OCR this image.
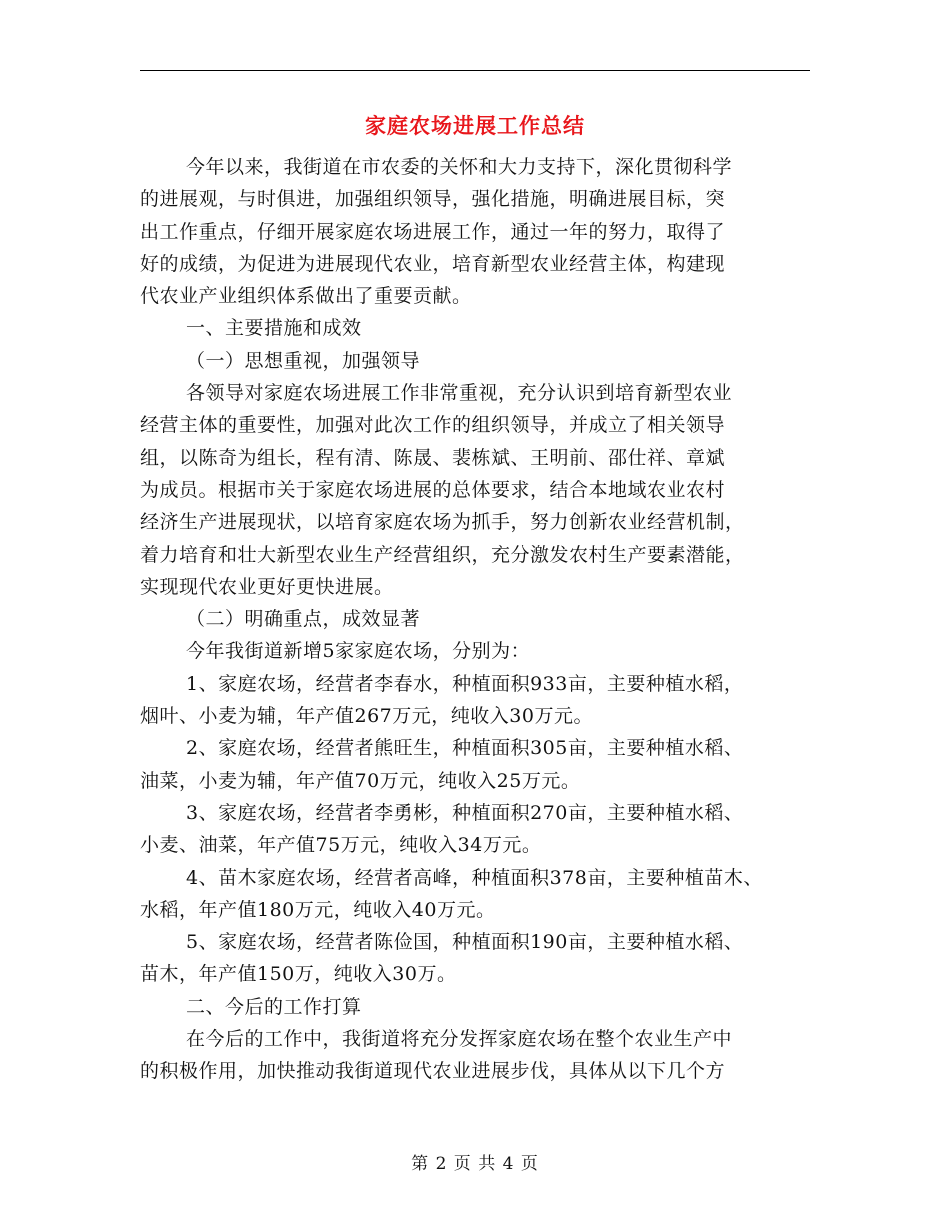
家庭农场进展工作总结
今年以来，我街道在市农委的关怀和大力支持下，深化贯彻科学
的进展观，与时俱进，加强组织领导，强化措施，明确进展目标，突
出工作重点，仔细开展家庭农场进展工作，通过一年的努力，取得了
好的成绩，为促进为进展现代农业，培育新型农业经营主体，构建现
代农业产业组织体系做出了重要贡献。
一、主要措施和成效
（一）思想重视，加强领导
各领导对家庭农场进展工作非常重视，充分认识到培育新型农业
经营主体的重要性，加强对此次工作的组织领导，并成立了相关领导
组，以陈奇为组长，程有清、陈晟、裴栋斌、王明前、邵仕祥、章斌
为成员。根据市关于家庭农场进展的总体要求，结合本地域农业农村
经济生产进展现状，以培育家庭农场为抓手，努力创新农业经营机制，
着力培育和壮大新型农业生产经营组织，充分激发农村生产要素潜能，
实现现代农业更好更快进展。
（二）明确重点，成效显著
今年我街道新增5家家庭农场，分别为：
1、家庭农场，经营者李春水，种植面积933亩，主要种植水稻，
烟叶、小麦为辅，年产值267万元，纯收入30万元。
2、家庭农场，经营者熊旺生，种植面积305亩，主要种植水稻、
油菜，小麦为辅，年产值70万元，纯收入25万元。
3、家庭农场，经营者李勇彬，种植面积270亩，主要种植水稻、
小麦、油菜，年产值75万元，纯收入34万元。
4、苗木家庭农场，经营者高峰，种植面积378亩，主要种植苗木、
水稻，年产值180万元，纯收入40万元。
5、家庭农场，经营者陈俭国，种植面积190亩，主要种植水稻、
苗木，年产值150万，纯收入30万。
二、今后的工作打算
在今后的工作中，我街道将充分发挥家庭农场在整个农业生产中
的积极作用，加快推动我街道现代农业进展步伐，具体从以下几个方
第 2 页 共 4 页
